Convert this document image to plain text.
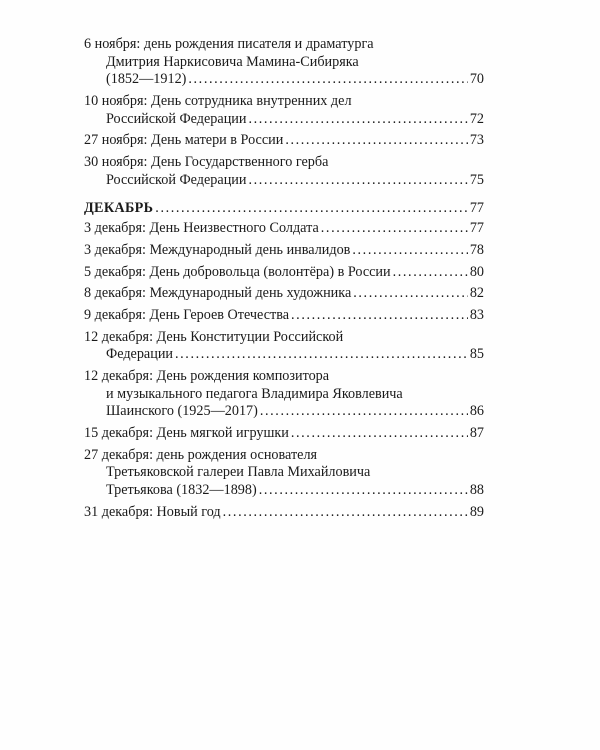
6 ноября: день рождения писателя и драматурга
Дмитрия Наркисовича Мамина-Сибиряка
(1852—1912) .....	70
10 ноября: День сотрудника внутренних дел
Российской Федерации .....	72
27 ноября: День матери в России .....	73
30 ноября: День Государственного герба
Российской Федерации .....	75
ДЕКАБРЬ .....	77
3 декабря: День Неизвестного Солдата .....	77
3 декабря: Международный день инвалидов .....	78
5 декабря: День добровольца (волонтёра) в России .....	80
8 декабря: Международный день художника .....	82
9 декабря: День Героев Отечества .....	83
12 декабря: День Конституции Российской
Федерации .....	85
12 декабря: День рождения композитора
и музыкального педагога Владимира Яковлевича
Шаинского (1925—2017) .....	86
15 декабря: День мягкой игрушки .....	87
27 декабря: день рождения основателя
Третьяковской галереи Павла Михайловича
Третьякова (1832—1898) .....	88
31 декабря: Новый год .....	89
